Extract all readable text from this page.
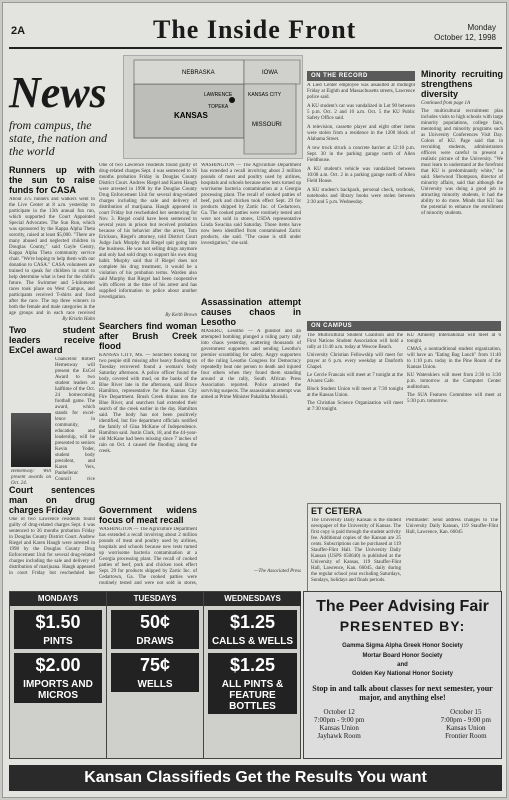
2A	The Inside Front	Monday
October 12, 1998
News
from campus, the state, the nation and the world
NEBRASKA	IOWA
KANSAS
MISSOURI
LAWRENCE	KANSAS CITY
TOPEKA
Runners up with the sun to raise funds for CASA
About 375 runners and walkers went to the Live Center at 8 a.m. yesterday to participate in the 13th annual fun run, which supported the Court Appointed Special Advocates. The Sun Run, which was sponsored by the Kappa Alpha Theta sorority, raised at least $5,000. "There are many abused and neglected children in Douglas County," said Gayle Gentry, Kappa Alpha Theta community service chair. "We're hoping to help them with our donation to CASA." CASA volunteers are trained to speak for children in court to help determine what is best for the child's future. The Swimmer and 5-kilometer races took place on West Campus, and participants received T-shirts and food after the race. The top three winners in both the female and male categories in the age groups and in each race received
By Kristin Hahn
Two student leaders receive ExCel award
Chancellor Robert Hemenway will present the ExCel Award to two student leaders at halftime of the Oct. 24 homecoming football game. The award, which stands for excel-lence in community, education and leadership, will be presented to seniors Kevin Yoder, student body president, and Karen Vers, Panhellenic Council vice
Court sentences man on drug charges Friday
One of two Lawrence residents found guilty of drug-related charges Sept. 4 was sentenced to 36 months probation Friday in Douglas County District Court. Andrew Riegel and Karen Haugh were arrested in 1998 by the Douglas County Drug Enforcement Unit for several drug-related charges including the sale and delivery of distribution of marijuana. Haugh appeared in court Friday but rescheduled her
Hemenway: Will present awards on Oct. 24.
One of two Lawrence residents found guilty of drug-related charges Sept. 4 was sentenced to 36 months probation Friday in Douglas County District Court. Andrew Riegel and Karen Haugh were arrested in 1998 by the Douglas County Drug Enforcement Unit for several drug-related charges including the sale and delivery of distribution of marijuana. Haugh appeared in court Friday but rescheduled her sentencing for Nov. 3. Riegel could have been sentenced to several years in prison but received probation because of his behavior after the arrest, Tom Erickson, Riegel's attorney, told District Court Judge Jack Murphy that Riegel quit going into the business. He was not selling drugs anymore and only had sold drugs to support his own drug habit. Murphy said that if Riegel does not complete his drug treatment, it would be a violation of his probation terms. Warden also said Murphy that Riegel had been cooperative with officers at the time of his arrest and has supplied information to police about another investigation.
By Keith Brown
Searchers find woman after Brush Creek flood
KANSAS CITY, Mo. — Searchers looking for two people still missing after heavy flooding on Tuesday recovered found a woman's body Saturday afternoon. A police officer found the body, covered with mud, on the banks of the Blue River late in the afternoon, said Bruce Hamilton, representative for the Kansas City Fire Department. Brush Creek drains into the Blue River, and searchers had extended their search of the creek earlier in the day. Hamilton said. The body has not been positively identified, but fire department officials notified the family of Gina McKane of Independence. Hamilton said. Justin Clark, 18, and the 44-year-old McKane had been missing since 7 inches of rain on Oct. 4 caused the flooding along the creek.
Government widens focus of meat recall
WASHINGTON — The Agriculture Department has extended a recall involving about 2 million pounds of meat and poultry used by airlines, hospitals and schools because new tests turned up worrisome bacteria contamination at a Georgia processing plant. The recall of cooked patties of beef, pork and chicken took effect Sept. 29 for products shipped by Zartic Inc. of Cedartown, Ga. The cooked patties were routinely tested and were not sold in stores,
WASHINGTON — The Agriculture Department has extended a recall involving about 2 million pounds of meat and poultry used by airlines, hospitals and schools because new tests turned up worrisome bacteria contamination at a Georgia processing plant. The recall of cooked patties of beef, pork and chicken took effect Sept. 29 for products shipped by Zartic Inc. of Cedartown, Ga. The cooked patties were routinely tested and were not sold in stores, USDA representative Linda Swacina said Saturday. Those items have now been identified from contaminated Zartic products, she said. "The cause is still under investigation," she said.
Assassination attempt causes chaos in Lesotho
MASERU, Lesotho — A gunshot and an attempted bombing plunged a ruling party rally into chaos yesterday, scattering thousands of government supporters and sending Lesotho's premier scrambling for safety. Angry supporters of the ruling Lesotho Congress for Democracy repeatedly beat one person to death and injured four others when they found them standing around at the rally, South African Press Association reported. Police arrested the surviving suspects. The assassination attempt was aimed at Prime Minister Pakalitha Mosisili.
—The Associated Press
ON THE RECORD
A Lied Center employee was assaulted at midnight Friday at Eighth and Massachusetts streets, Lawrence police said.
A KU student's car was vandalized in Lot 90 between 5 p.m. Oct. 2 and 10 a.m. Oct. 5 the KU Public Safety Office said.
A television, cassette player and eight other items were stolen from a residence in the 1200 block of Alabama Street.
A tow truck struck a concrete barrier at 12:10 p.m. Sept. 30 in the parking garage north of Allen Fieldhouse.
A KU student's vehicle was vandalized between 10:08 a.m. Oct. 2 in a parking garage north of Allen Field House.
A KU student's backpack, personal check, textbook, notebooks and library books were stolen between 2:30 and 5 p.m. Wednesday.
Minority recruiting strengthens diversity
Continued from page 1A
The multicultural recruitment plan includes visits to high schools with large minority populations, college fairs, mentoring and minority programs such as University Conferences Visit Day. Colors of KU. Page said that in recruiting students, administrators officers were careful to present a realistic picture of the University. "We must learn to understand at the forefront that KU is predominantly white," he said. Sherwood Thompson, director of minority affairs, said that although the University was doing a good job in attracting minority students, it had the ability to do more. Minds that KU has the potential to enhance the enrollment of minority students.
ON CAMPUS
The Multicultural Student Coalition and the First Nations Student Association will hold a rally at 11:40 a.m. today at Wescoe Beach.
University Christian Fellowship will meet for prayer at 6 p.m. every weekday at Danforth Chapel.
Le Cercle Francais will meet at 7 tonight at the Alvarez Cafe.
Block Student Union will meet at 7:30 tonight at the Kansas Union.
The Christian Science Organization will meet at 7:30 tonight.
KU Amnesty International will meet at 6 tonight.
CMAS, a nontraditional student organization, will have an "Eating Bag Lunch" from 11:40 to 1:10 p.m. today in the Pine Room of the Kansas Union.
KU Waterskiers will meet from 2:30 to 3:30 p.m. tomorrow at the Computer Center auditorium.
The SUA Features Committee will meet at 5:30 p.m. tomorrow.
ET CETERA
The University Daily Kansan is the student newspaper of the University of Kansas. The first copy is paid through the student activity fee. Additional copies of the Kansan are 25 cents. Subscriptions can be purchased at 119 Stauffer-Flint Hall. The University Daily Kansan (USPS 650640) is published at the University of Kansas, 119 Stauffer-Flint Hall, Lawrence, Kan. 66045, daily during the regular school year excluding Saturdays, Sundays, holidays and finals periods.
Postmaster: Send address changes to The University Daily Kansan, 119 Stauffer-Flint Hall, Lawrence, Kan. 66045
MONDAYS
$1.50
PINTS
$2.00
IMPORTS AND MICROS
TUESDAYS
50¢
DRAWS
75¢
WELLS
WEDNESDAYS
$1.25
CALLS & WELLS
$1.25
ALL PINTS & FEATURE BOTTLES
The Peer Advising Fair
PRESENTED BY:
Gamma Sigma Alpha Greek Honor Society
Mortar Board Honor Society
and
Golden Key National Honor Society
Stop in and talk about classes for next semester, your major, and anything else!
October 12
7:00pm - 9:00 pm
Kansas Union
Jayhawk Room
October 15
7:00pm - 9:00 pm
Kansas Union
Frontier Room
Kansan Classifieds Get the Results You want
